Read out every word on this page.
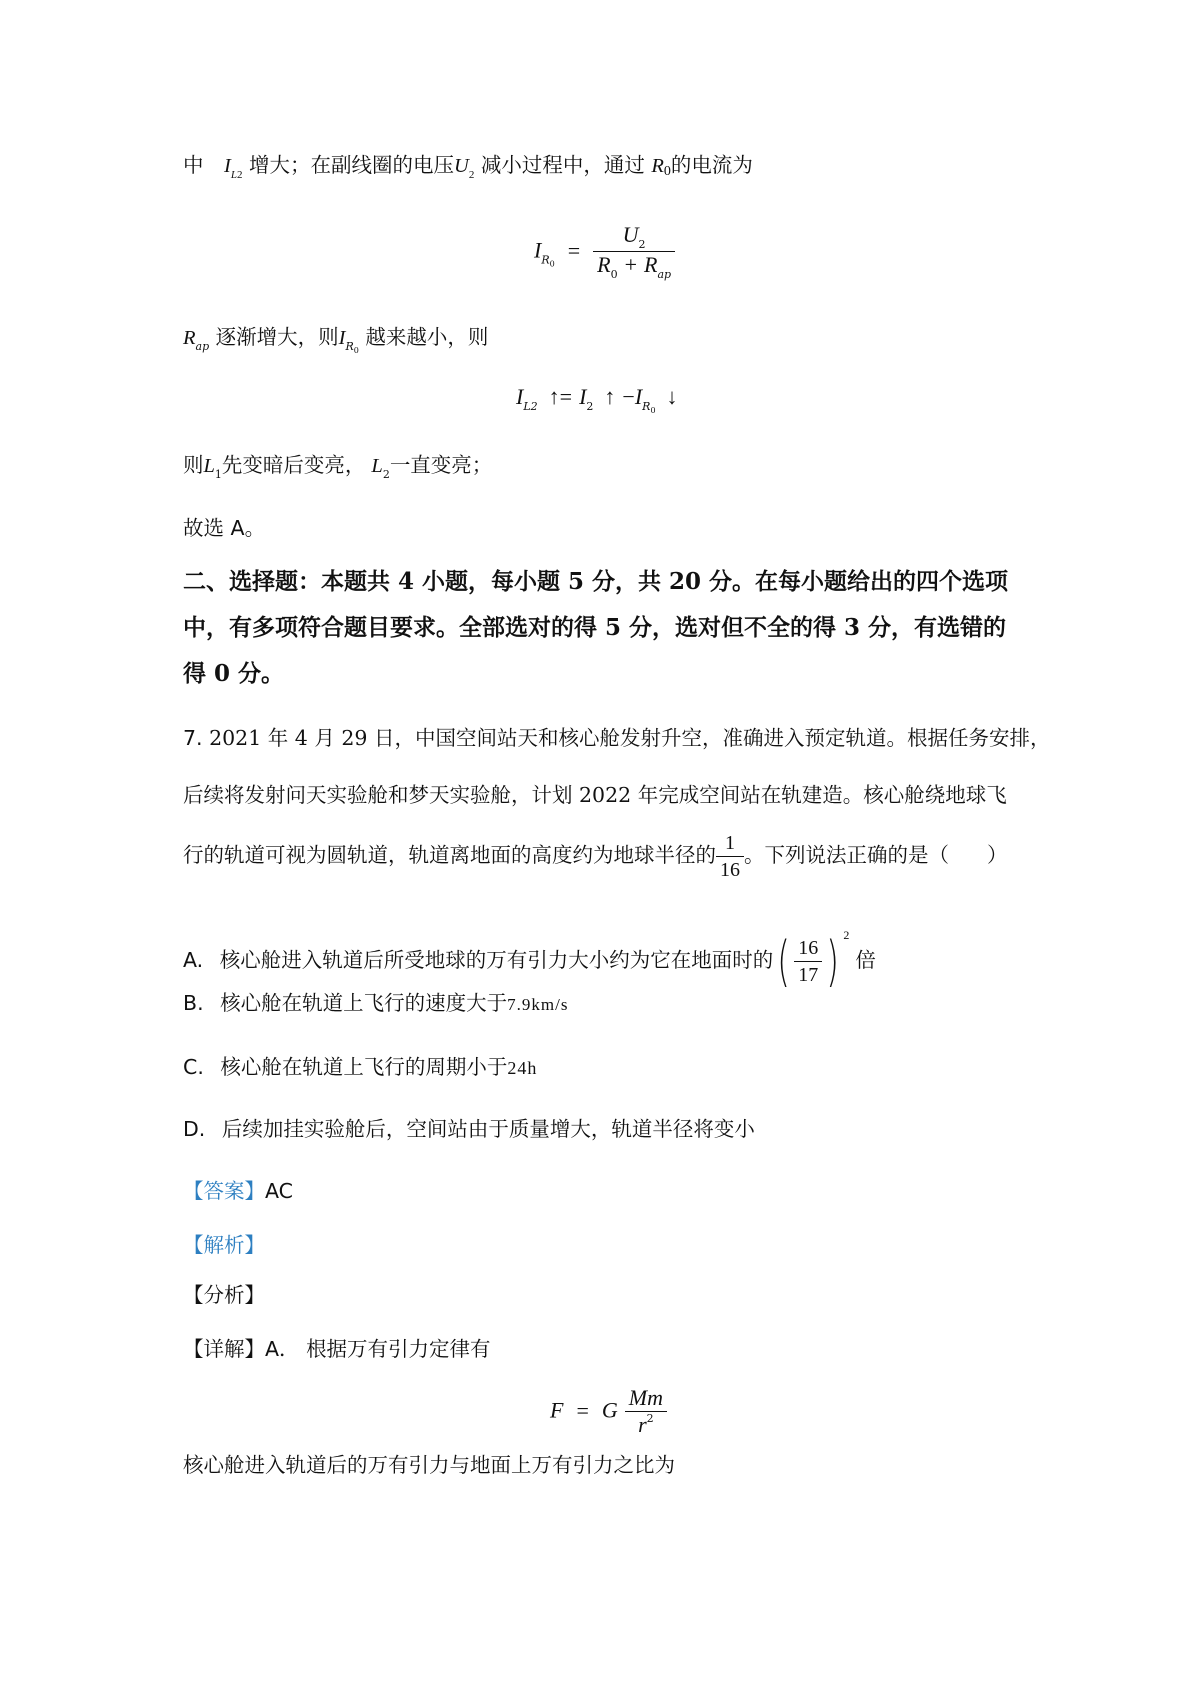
中 $I_{L2}$ 增大；在副线圈的电压$U_2$ 减小过程中，通过 R0的电流为
$I_{R0} = \frac{U_2}{R_0 + R_{ap}}$
$R_{ap}$ 逐渐增大，则$I_{R0}$ 越来越小，则
$I_{L2}$ ↑= $I_2$ ↑ $-I_{R0}$ ↓
则$L_1$先变暗后变亮， $L_2$一直变亮；
故选 A。
二、选择题：本题共 4 小题，每小题 5 分，共 20 分。在每小题给出的四个选项
中，有多项符合题目要求。全部选对的得 5 分，选对但不全的得 3 分，有选错的
得 0 分。
7. 2021 年 4 月 29 日，中国空间站天和核心舱发射升空，准确进入预定轨道。根据任务安排，
后续将发射问天实验舱和梦天实验舱，计划 2022 年完成空间站在轨建造。核心舱绕地球飞
行的轨道可视为圆轨道，轨道离地面的高度约为地球半径的 $\frac{1}{16}$ 。下列说法正确的是（ ）
A. 核心舱进入轨道后所受地球的万有引力大小约为它在地面时的( $\frac{16}{17}$ ) $^2$倍
B. 核心舱在轨道上飞行的速度大于7.9km/s
C. 核心舱在轨道上飞行的周期小于24h
D. 后续加挂实验舱后，空间站由于质量增大，轨道半径将变小
【答案】AC
【解析】
【分析】
【详解】A． 根据万有引力定律有
F = G $\frac{Mm}{r^2}$
核心舱进入轨道后的万有引力与地面上万有引力之比为
